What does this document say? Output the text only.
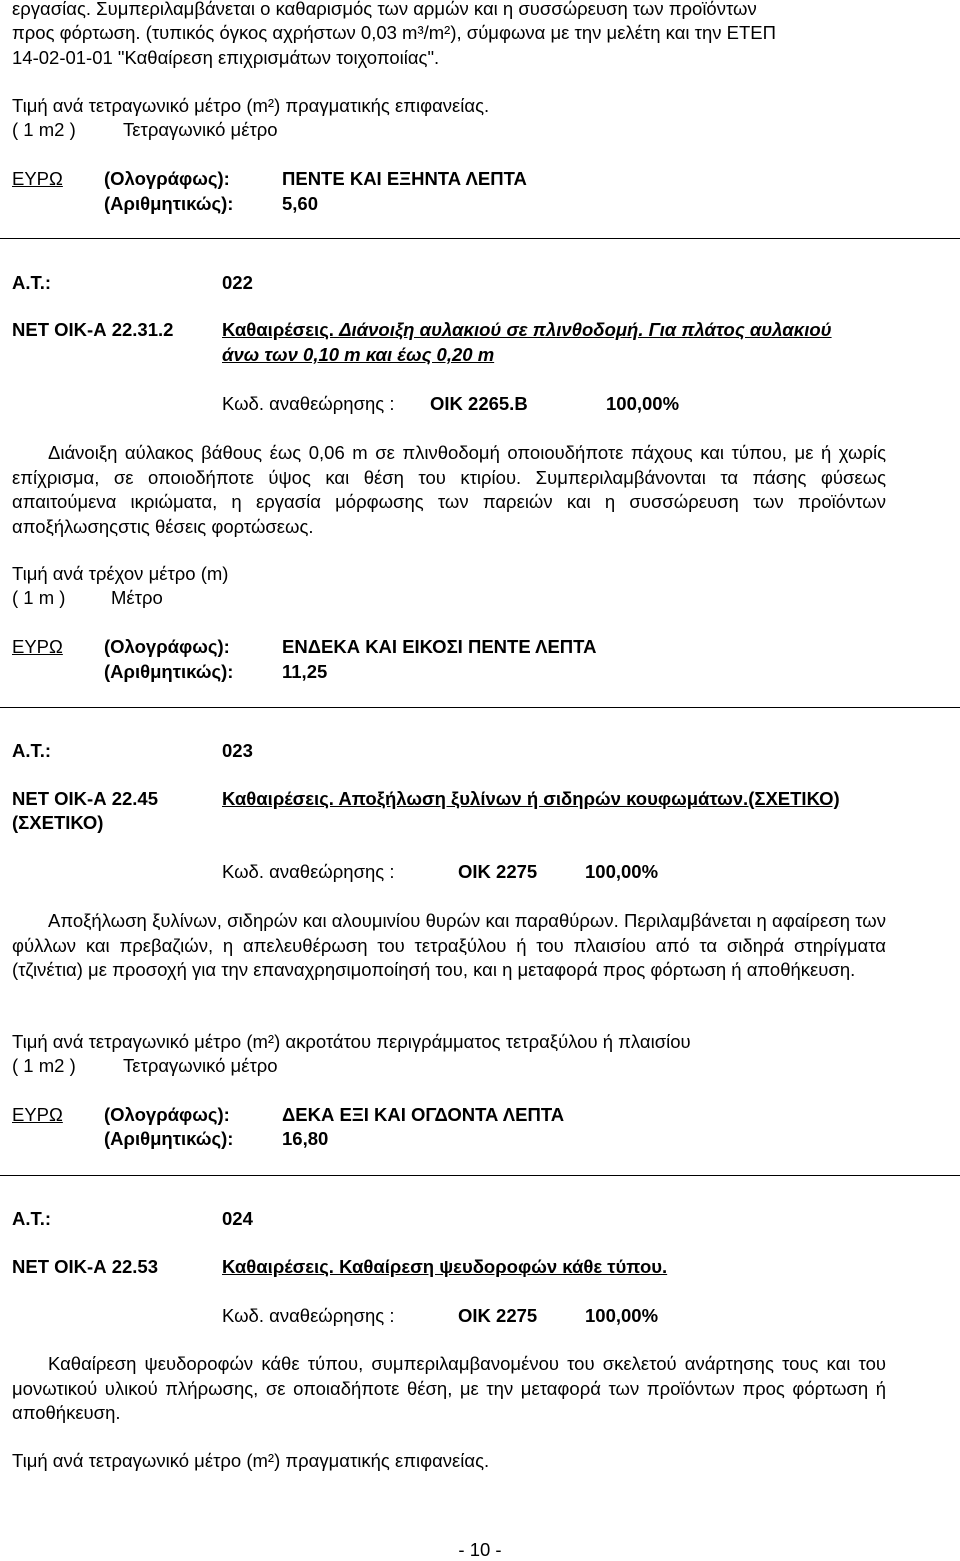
εργασίας. Συμπεριλαμβάνεται ο καθαρισμός των αρμών και η συσσώρευση των προϊόντων
προς φόρτωση. (τυπικός όγκος αχρήστων 0,03 m³/m²), σύμφωνα με την μελέτη και την ΕΤΕΠ
14-02-01-01 "Καθαίρεση επιχρισμάτων τοιχοποιίας".
Τιμή ανά τετραγωνικό μέτρο (m²) πραγματικής επιφανείας.
( 1 m2 )	Τετραγωνικό μέτρο
ΕΥΡΩ (Ολογράφως):	ΠΕΝΤΕ ΚΑΙ ΕΞΗΝΤΑ ΛΕΠΤΑ
(Αριθμητικώς):	5,60
Α.Τ.:	022
ΝΕΤ ΟΙΚ-Α 22.31.2	Καθαιρέσεις. Διάνοιξη αυλακιού σε πλινθοδομή. Για πλάτος αυλακιού
άνω των 0,10 m και έως 0,20 m
Κωδ. αναθεώρησης : ΟΙΚ 2265.Β	100,00%
Διάνοιξη αύλακος βάθους έως 0,06 m σε πλινθοδομή οποιουδήποτε πάχους και τύπου, με ή χωρίς επίχρισμα, σε οποιοδήποτε ύψος και θέση του κτιρίου. Συμπεριλαμβάνονται τα πάσης φύσεως απαιτούμενα ικριώματα, η εργασία μόρφωσης των παρειών και η συσσώρευση των προϊόντων αποξήλωσηςστις θέσεις φορτώσεως.
Τιμή ανά τρέχον μέτρο (m)
( 1 m ) Μέτρο
ΕΥΡΩ (Ολογράφως):	ΕΝΔΕΚΑ ΚΑΙ ΕΙΚΟΣΙ ΠΕΝΤΕ ΛΕΠΤΑ
(Αριθμητικώς):	11,25
Α.Τ.:	023
ΝΕΤ ΟΙΚ-Α 22.45
(ΣΧΕΤΙΚΟ)
Καθαιρέσεις. Αποξήλωση ξυλίνων ή σιδηρών κουφωμάτων.(ΣΧΕΤΙΚΟ)
Κωδ. αναθεώρησης :	ΟΙΚ 2275	100,00%
Αποξήλωση ξυλίνων, σιδηρών και αλουμινίου θυρών και παραθύρων. Περιλαμβάνεται η αφαίρεση των φύλλων και πρεβαζιών, η απελευθέρωση του τετραξύλου ή του πλαισίου από τα σιδηρά στηρίγματα (τζινέτια) με προσοχή για την επαναχρησιμοποίησή του, και η μεταφορά προς φόρτωση ή αποθήκευση.
Τιμή ανά τετραγωνικό μέτρο (m²) ακροτάτου περιγράμματος τετραξύλου ή πλαισίου
( 1 m2 )	Τετραγωνικό μέτρο
ΕΥΡΩ (Ολογράφως):	ΔΕΚΑ ΕΞΙ ΚΑΙ ΟΓΔΟΝΤΑ ΛΕΠΤΑ
(Αριθμητικώς):	16,80
Α.Τ.:	024
ΝΕΤ ΟΙΚ-Α 22.53	Καθαιρέσεις. Καθαίρεση ψευδοροφών κάθε τύπου.
Κωδ. αναθεώρησης :	ΟΙΚ 2275	100,00%
Καθαίρεση ψευδοροφών κάθε τύπου, συμπεριλαμβανομένου του σκελετού ανάρτησης τους και του μονωτικού υλικού πλήρωσης, σε οποιαδήποτε θέση, με την μεταφορά των προϊόντων προς φόρτωση ή αποθήκευση.
Τιμή ανά τετραγωνικό μέτρο (m²) πραγματικής επιφανείας.
- 10 -
